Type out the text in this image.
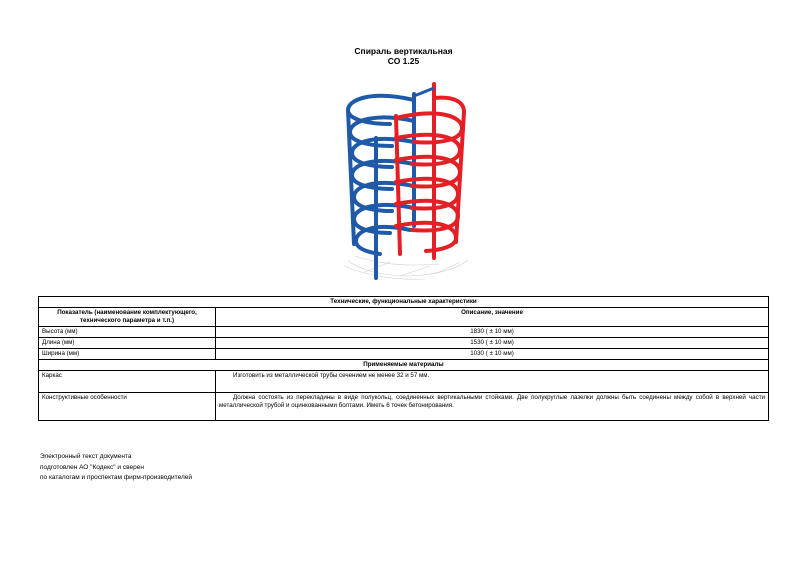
Спираль вертикальная
СО 1.25
Технические, функциональные характеристики	
Показатель (наименование комплектующего, технического параметра и т.п.)	Описание, значение
Высота (мм)	1830 ( ± 10 мм)
Длина (мм)	1530 ( ± 10 мм)
Ширина (мм)	1030 ( ± 10 мм)
Применяемые материалы	
Каркас	Изготовить из металлической трубы сечением не менее 32 и 57 мм.
Конструктивные особенности	Должна состоять из перекладины в виде полукольц, соединенных вертикальными стойками. Две полукруглые лазелки должны быть соединены между собой в верхней части металлической трубой и оцинкованными болтами. Иметь 6 точек бетонирования.
Электронный текст документа
подготовлен АО "Кодекс" и сверен
по каталогам и проспектам фирм-производителей
